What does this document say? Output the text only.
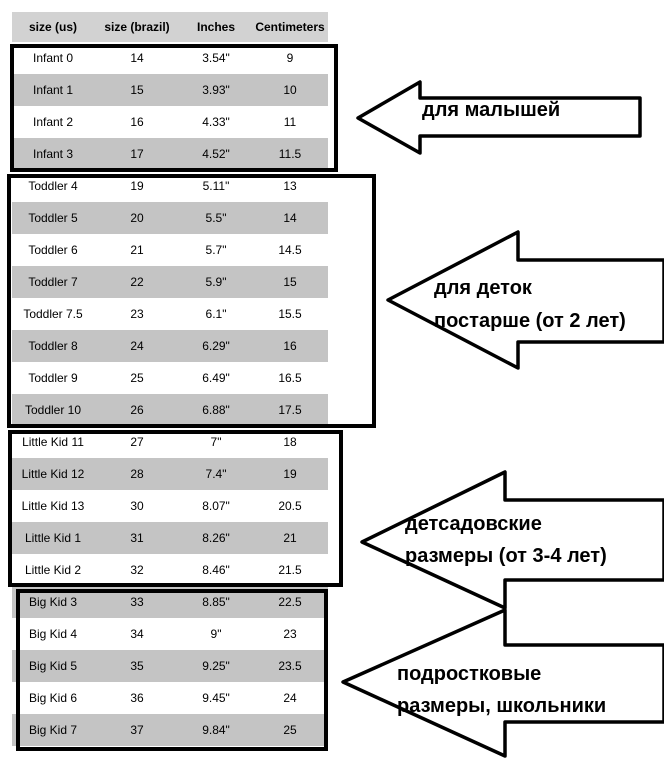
size (us)	size (brazil)	Inches	Centimeters
Infant 0	14	3.54"	9
Infant 1	15	3.93"	10
Infant 2	16	4.33"	11
Infant 3	17	4.52"	11.5
Toddler 4	19	5.11"	13
Toddler 5	20	5.5"	14
Toddler 6	21	5.7"	14.5
Toddler 7	22	5.9"	15
Toddler 7.5	23	6.1"	15.5
Toddler 8	24	6.29"	16
Toddler 9	25	6.49"	16.5
Toddler 10	26	6.88"	17.5
Little Kid 11	27	7"	18
Little Kid 12	28	7.4"	19
Little Kid 13	30	8.07"	20.5
Little Kid 1	31	8.26"	21
Little Kid 2	32	8.46"	21.5
Big Kid 3	33	8.85"	22.5
Big Kid 4	34	9"	23
Big Kid 5	35	9.25"	23.5
Big Kid 6	36	9.45"	24
Big Kid 7	37	9.84"	25
для малышей
для деток
постарше (от 2 лет)
детсадовские
размеры (от 3-4 лет)
подростковые
размеры, школьники
